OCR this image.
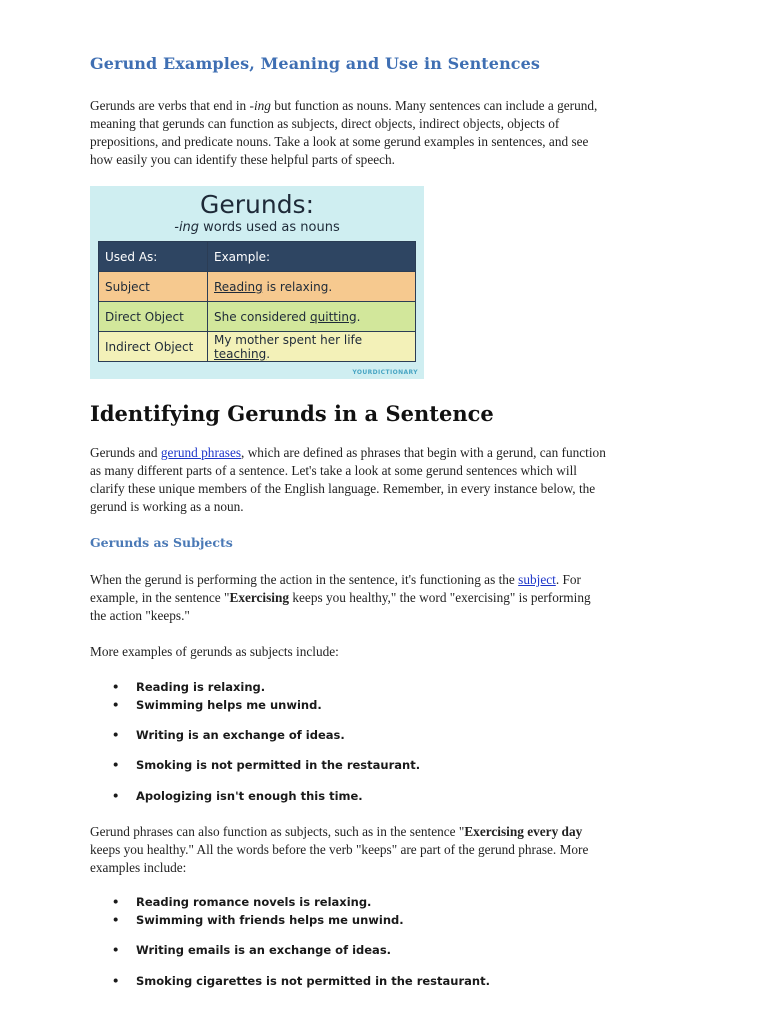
Gerund Examples, Meaning and Use in Sentences
Gerunds are verbs that end in -ing but function as nouns. Many sentences can include a gerund,
meaning that gerunds can function as subjects, direct objects, indirect objects, objects of
prepositions, and predicate nouns. Take a look at some gerund examples in sentences, and see
how easily you can identify these helpful parts of speech.
Gerunds:
-ing words used as nouns
Used As:	Example:
Subject	Reading is relaxing.
Direct Object	She considered quitting.
Indirect Object	My mother spent her life teaching.
YOURDICTIONARY
Identifying Gerunds in a Sentence
Gerunds and gerund phrases, which are defined as phrases that begin with a gerund, can function
as many different parts of a sentence. Let's take a look at some gerund sentences which will
clarify these unique members of the English language. Remember, in every instance below, the
gerund is working as a noun.
Gerunds as Subjects
When the gerund is performing the action in the sentence, it's functioning as the subject. For
example, in the sentence "Exercising keeps you healthy," the word "exercising" is performing
the action "keeps."
More examples of gerunds as subjects include:
• Reading is relaxing.
• Swimming helps me unwind.
• Writing is an exchange of ideas.
• Smoking is not permitted in the restaurant.
• Apologizing isn't enough this time.
Gerund phrases can also function as subjects, such as in the sentence "Exercising every day
keeps you healthy." All the words before the verb "keeps" are part of the gerund phrase. More
examples include:
• Reading romance novels is relaxing.
• Swimming with friends helps me unwind.
• Writing emails is an exchange of ideas.
• Smoking cigarettes is not permitted in the restaurant.
